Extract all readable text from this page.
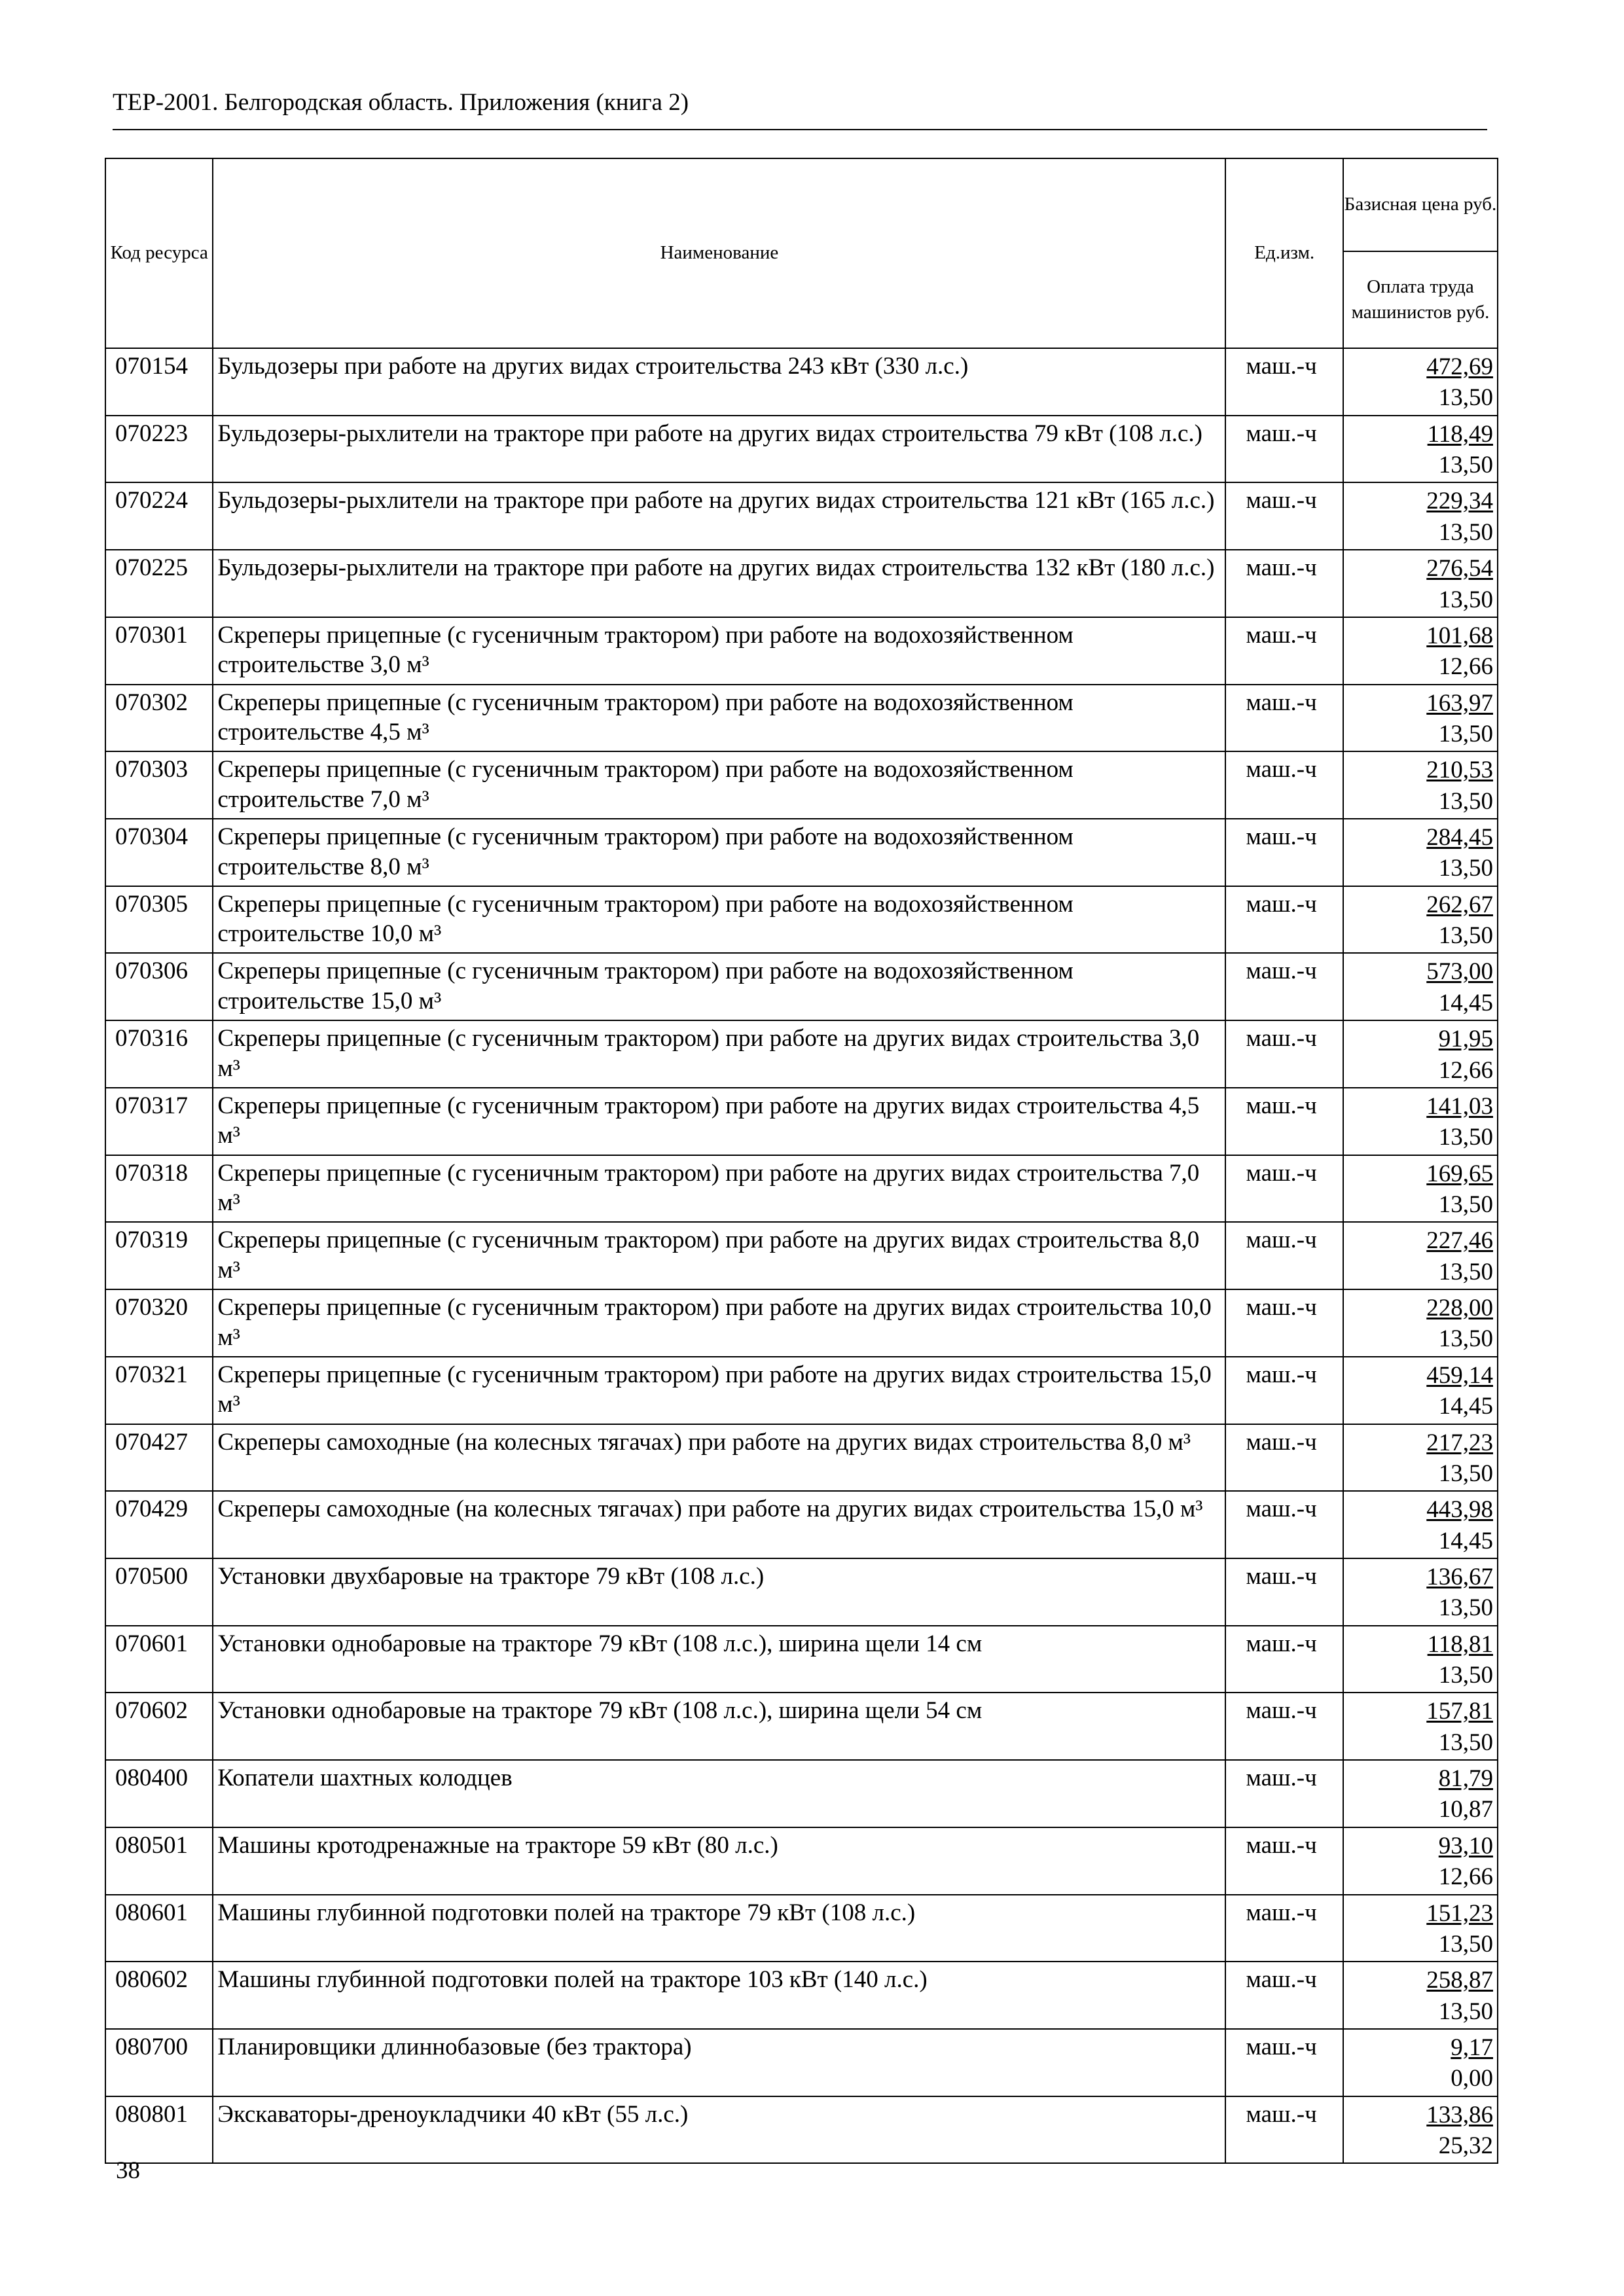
ТЕР-2001. Белгородская область. Приложения (книга 2)
Код ресурса	Наименование	Ед.изм.	Базисная цена руб.
			Оплата труда машинистов руб.
070154	Бульдозеры при работе на других видах строительства 243 кВт (330 л.с.)	маш.-ч	472,69
13,50

070223	Бульдозеры-рыхлители на тракторе при работе на других видах строительства 79 кВт (108 л.с.)	маш.-ч	118,49
13,50

070224	Бульдозеры-рыхлители на тракторе при работе на других видах строительства 121 кВт (165 л.с.)	маш.-ч	229,34
13,50

070225	Бульдозеры-рыхлители на тракторе при работе на других видах строительства 132 кВт (180 л.с.)	маш.-ч	276,54
13,50

070301	Скреперы прицепные (с гусеничным трактором) при работе на водохозяйственном строительстве 3,0 м³	маш.-ч	101,68
12,66

070302	Скреперы прицепные (с гусеничным трактором) при работе на водохозяйственном строительстве 4,5 м³	маш.-ч	163,97
13,50

070303	Скреперы прицепные (с гусеничным трактором) при работе на водохозяйственном строительстве 7,0 м³	маш.-ч	210,53
13,50

070304	Скреперы прицепные (с гусеничным трактором) при работе на водохозяйственном строительстве 8,0 м³	маш.-ч	284,45
13,50

070305	Скреперы прицепные (с гусеничным трактором) при работе на водохозяйственном строительстве 10,0 м³	маш.-ч	262,67
13,50

070306	Скреперы прицепные (с гусеничным трактором) при работе на водохозяйственном строительстве 15,0 м³	маш.-ч	573,00
14,45

070316	Скреперы прицепные (с гусеничным трактором) при работе на других видах строительства 3,0 м³	маш.-ч	91,95
12,66

070317	Скреперы прицепные (с гусеничным трактором) при работе на других видах строительства 4,5 м³	маш.-ч	141,03
13,50

070318	Скреперы прицепные (с гусеничным трактором) при работе на других видах строительства 7,0 м³	маш.-ч	169,65
13,50

070319	Скреперы прицепные (с гусеничным трактором) при работе на других видах строительства 8,0 м³	маш.-ч	227,46
13,50

070320	Скреперы прицепные (с гусеничным трактором) при работе на других видах строительства 10,0 м³	маш.-ч	228,00
13,50

070321	Скреперы прицепные (с гусеничным трактором) при работе на других видах строительства 15,0 м³	маш.-ч	459,14
14,45

070427	Скреперы самоходные (на колесных тягачах) при работе на других видах строительства 8,0 м³	маш.-ч	217,23
13,50

070429	Скреперы самоходные (на колесных тягачах) при работе на других видах строительства 15,0 м³	маш.-ч	443,98
14,45

070500	Установки двухбаровые на тракторе 79 кВт (108 л.с.)	маш.-ч	136,67
13,50

070601	Установки однобаровые на тракторе 79 кВт (108 л.с.), ширина щели 14 см	маш.-ч	118,81
13,50

070602	Установки однобаровые на тракторе 79 кВт (108 л.с.), ширина щели 54 см	маш.-ч	157,81
13,50

080400	Копатели шахтных колодцев	маш.-ч	81,79
10,87

080501	Машины кротодренажные на тракторе 59 кВт (80 л.с.)	маш.-ч	93,10
12,66

080601	Машины глубинной подготовки полей на тракторе 79 кВт (108 л.с.)	маш.-ч	151,23
13,50

080602	Машины глубинной подготовки полей на тракторе 103 кВт (140 л.с.)	маш.-ч	258,87
13,50

080700	Планировщики длиннобазовые (без трактора)	маш.-ч	9,17
0,00

080801	Экскаваторы-дреноукладчики 40 кВт (55 л.с.)	маш.-ч	133,86
25,32
38
